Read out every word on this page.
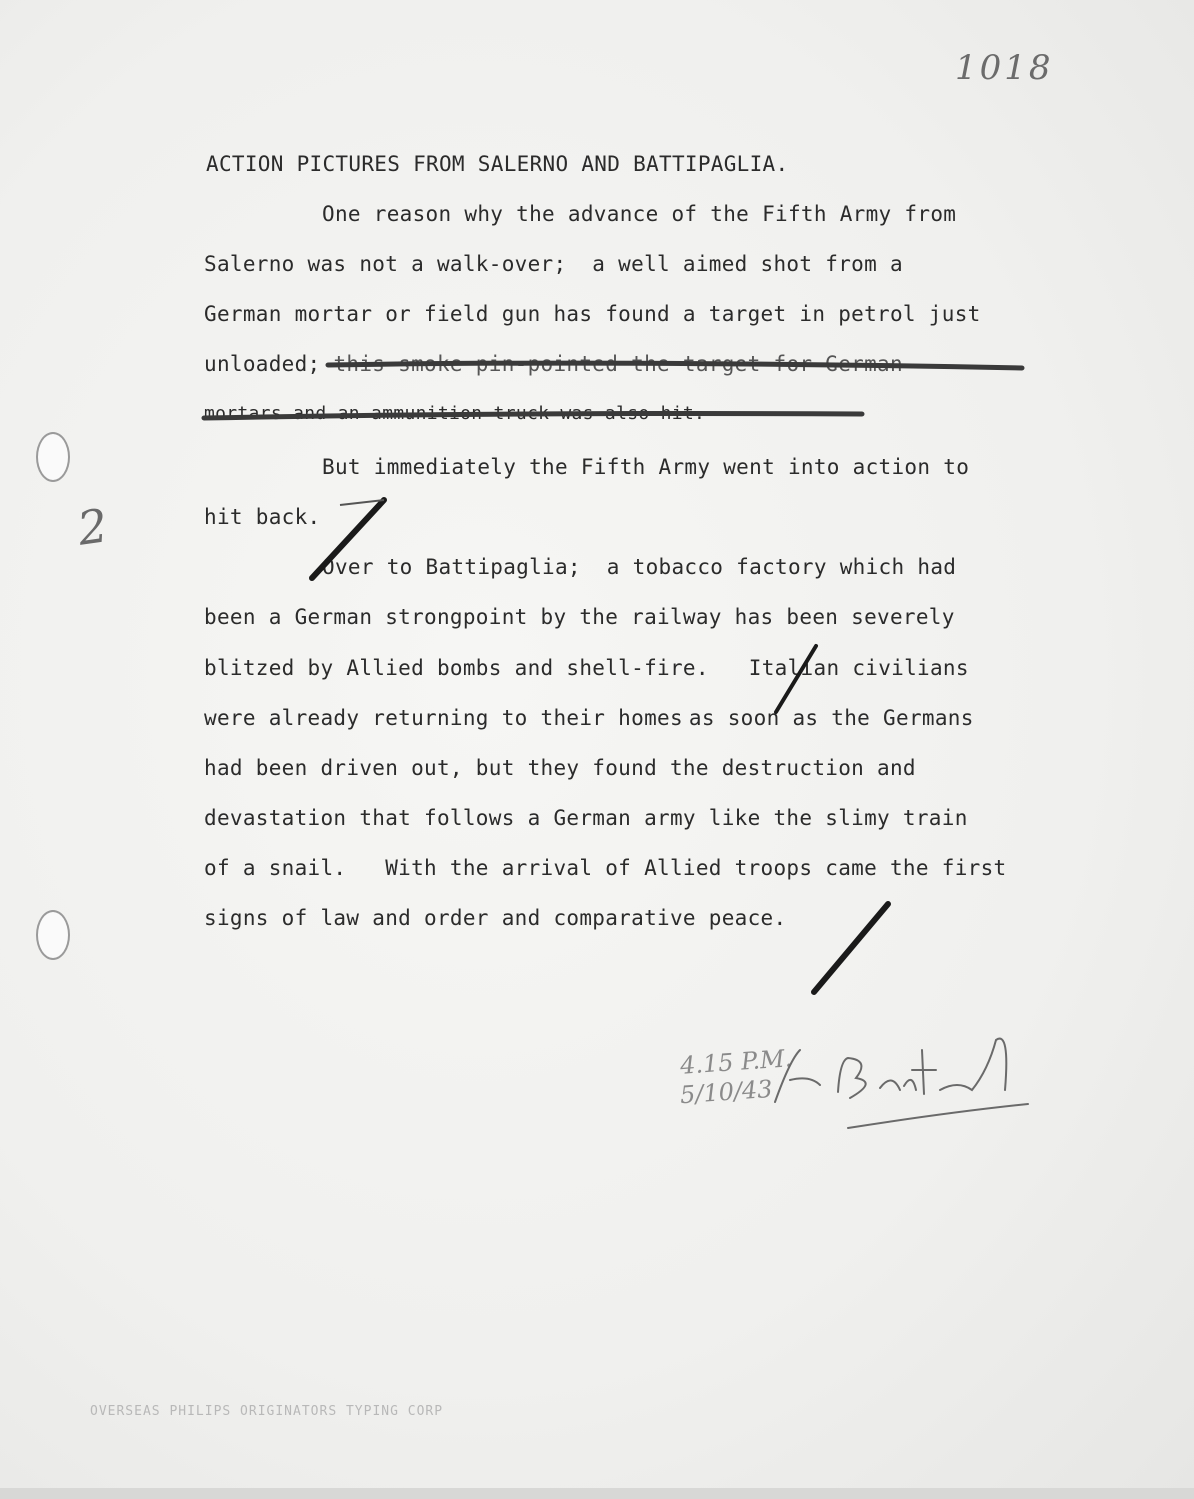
1018
ACTION PICTURES FROM SALERNO AND BATTIPAGLIA.
One reason why the advance of the Fifth Army from
Salerno was not a walk-over;  a well aimed shot from a
German mortar or field gun has found a target in petrol just
unloaded; this smoke pin-pointed the target for German
mortars and an ammunition truck was also hit.
But immediately the Fifth Army went into action to
hit back.
Over to Battipaglia;  a tobacco factory which had
been a German strongpoint by the railway has been severely
blitzed by Allied bombs and shell-fire. Italian civilians
were already returning to their homes as soon as the Germans
had been driven out, but they found the destruction and
devastation that follows a German army like the slimy train
of a snail.   With the arrival of Allied troops came the first
signs of law and order and comparative peace.
2
4.15 P.M.
5/10/43
OVERSEAS PHILIPS ORIGINATORS TYPING CORP
